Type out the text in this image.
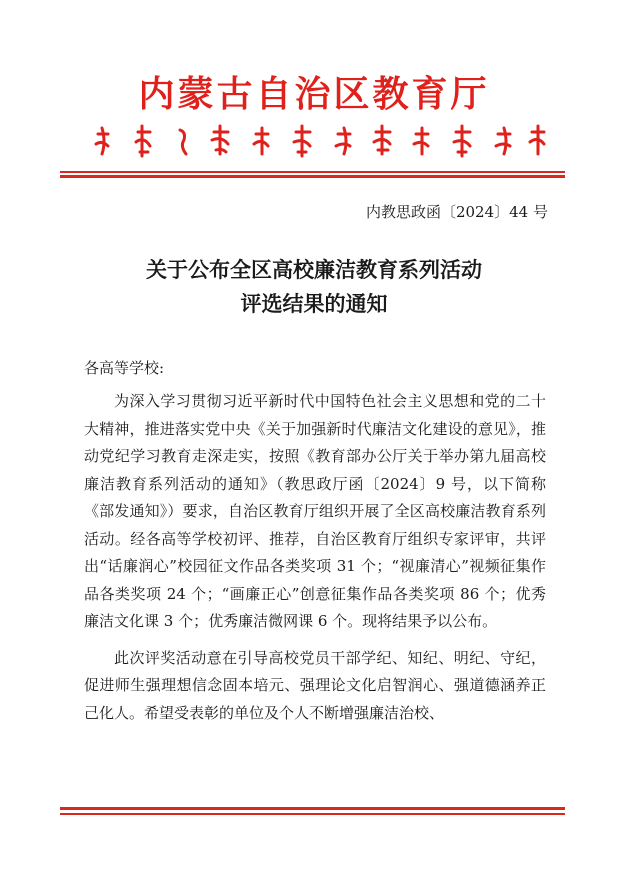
内蒙古自治区教育厅
内教思政函〔2024〕44 号
关于公布全区高校廉洁教育系列活动
评选结果的通知
各高等学校:

为深入学习贯彻习近平新时代中国特色社会主义思想和党的二十大精神，推进落实党中央《关于加强新时代廉洁文化建设的意见》，推动党纪学习教育走深走实，按照《教育部办公厅关于举办第九届高校廉洁教育系列活动的通知》（教思政厅函〔2024〕9 号，以下简称《部发通知》）要求，自治区教育厅组织开展了全区高校廉洁教育系列活动。经各高等学校初评、推荐，自治区教育厅组织专家评审，共评出“话廉润心”校园征文作品各类奖项 31 个；“视廉清心”视频征集作品各类奖项 24 个；“画廉正心”创意征集作品各类奖项 86 个；优秀廉洁文化课 3 个；优秀廉洁微网课 6 个。现将结果予以公布。

此次评奖活动意在引导高校党员干部学纪、知纪、明纪、守纪，促进师生强理想信念固本培元、强理论文化启智润心、强道德涵养正己化人。希望受表彰的单位及个人不断增强廉洁治校、
